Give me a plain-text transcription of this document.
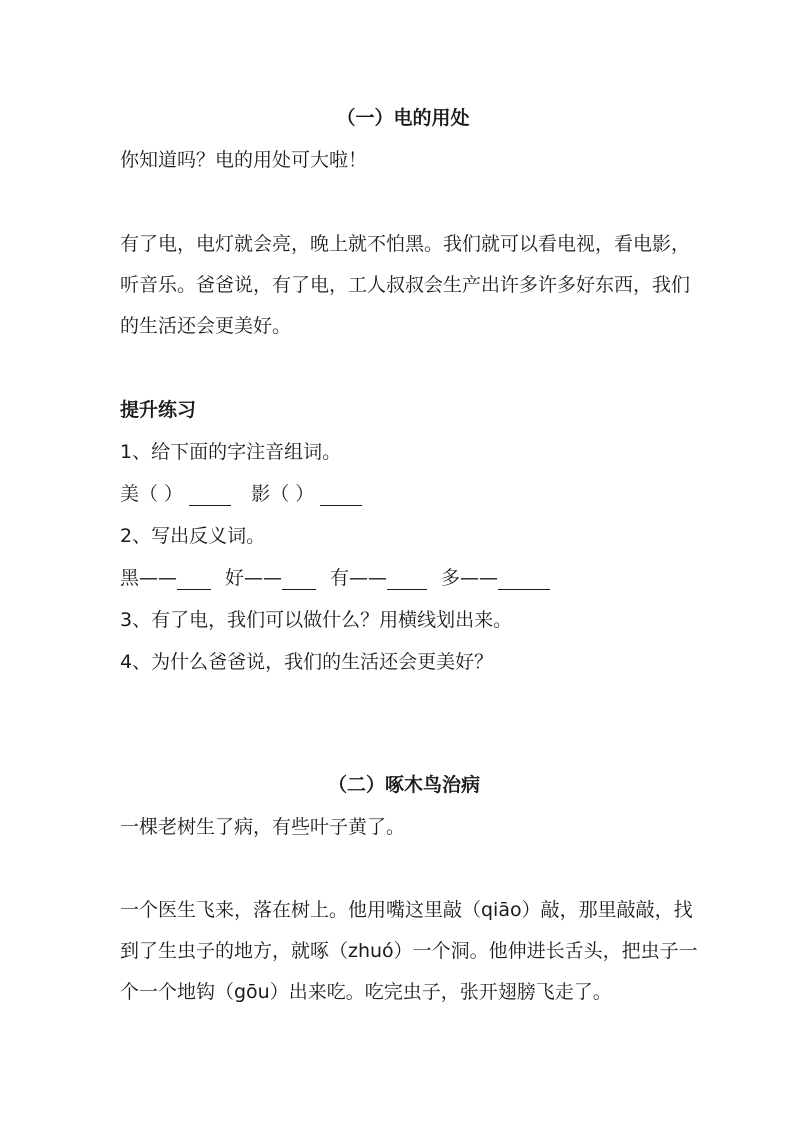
（一）电的用处
你知道吗？电的用处可大啦！
有了电，电灯就会亮，晚上就不怕黑。我们就可以看电视，看电影，
听音乐。爸爸说，有了电，工人叔叔会生产出许多许多好东西，我们
的生活还会更美好。
提升练习
1、给下面的字注音组词。
美（ ）	影（ ）
2、写出反义词。
黑——	好——	有——	多——
3、有了电，我们可以做什么？用横线划出来。
4、为什么爸爸说，我们的生活还会更美好？
（二）啄木鸟治病
一棵老树生了病，有些叶子黄了。
一个医生飞来，落在树上。他用嘴这里敲（qiāo）敲，那里敲敲，找
到了生虫子的地方，就啄（zhuó）一个洞。他伸进长舌头，把虫子一
个一个地钩（gōu）出来吃。吃完虫子，张开翅膀飞走了。
